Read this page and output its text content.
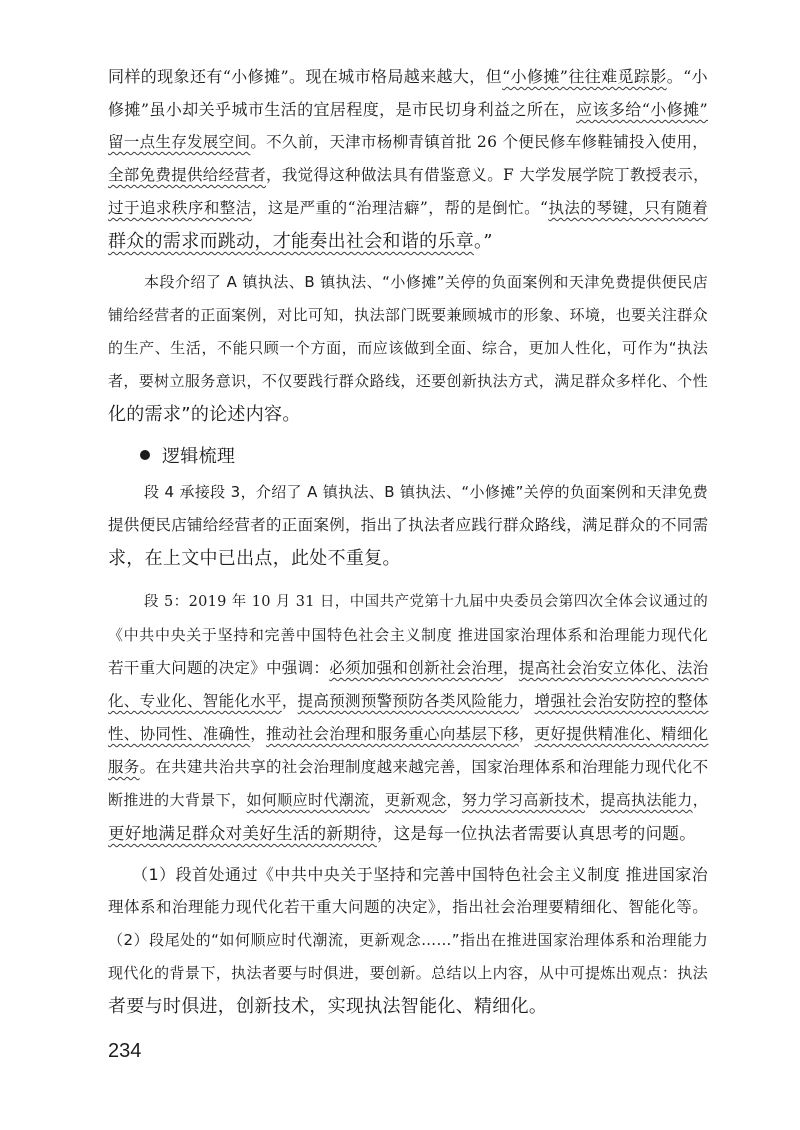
同样的现象还有“小修摊”。现在城市格局越来越大，但“小修摊”往往难觅踪影。“小
修摊”虽小却关乎城市生活的宜居程度，是市民切身利益之所在，应该多给“小修摊”
留一点生存发展空间。不久前，天津市杨柳青镇首批 26 个便民修车修鞋铺投入使用，
全部免费提供给经营者，我觉得这种做法具有借鉴意义。F 大学发展学院丁教授表示，
过于追求秩序和整洁，这是严重的“治理洁癖”，帮的是倒忙。“执法的琴键，只有随着
群众的需求而跳动，才能奏出社会和谐的乐章。”
本段介绍了 A 镇执法、B 镇执法、“小修摊”关停的负面案例和天津免费提供便民店
铺给经营者的正面案例，对比可知，执法部门既要兼顾城市的形象、环境，也要关注群众
的生产、生活，不能只顾一个方面，而应该做到全面、综合，更加人性化，可作为“执法
者，要树立服务意识，不仅要践行群众路线，还要创新执法方式，满足群众多样化、个性
化的需求”的论述内容。
逻辑梳理
段 4 承接段 3，介绍了 A 镇执法、B 镇执法、“小修摊”关停的负面案例和天津免费
提供便民店铺给经营者的正面案例，指出了执法者应践行群众路线，满足群众的不同需
求，在上文中已出点，此处不重复。
段 5：2019 年 10 月 31 日，中国共产党第十九届中央委员会第四次全体会议通过的
《中共中央关于坚持和完善中国特色社会主义制度 推进国家治理体系和治理能力现代化
若干重大问题的决定》中强调：必须加强和创新社会治理，提高社会治安立体化、法治
化、专业化、智能化水平，提高预测预警预防各类风险能力，增强社会治安防控的整体
性、协同性、准确性，推动社会治理和服务重心向基层下移，更好提供精准化、精细化
服务。在共建共治共享的社会治理制度越来越完善，国家治理体系和治理能力现代化不
断推进的大背景下，如何顺应时代潮流，更新观念，努力学习高新技术，提高执法能力，
更好地满足群众对美好生活的新期待，这是每一位执法者需要认真思考的问题。
（1）段首处通过《中共中央关于坚持和完善中国特色社会主义制度 推进国家治
理体系和治理能力现代化若干重大问题的决定》，指出社会治理要精细化、智能化等。
（2）段尾处的“如何顺应时代潮流，更新观念……”指出在推进国家治理体系和治理能力
现代化的背景下，执法者要与时俱进，要创新。总结以上内容，从中可提炼出观点：执法
者要与时俱进，创新技术，实现执法智能化、精细化。
234
